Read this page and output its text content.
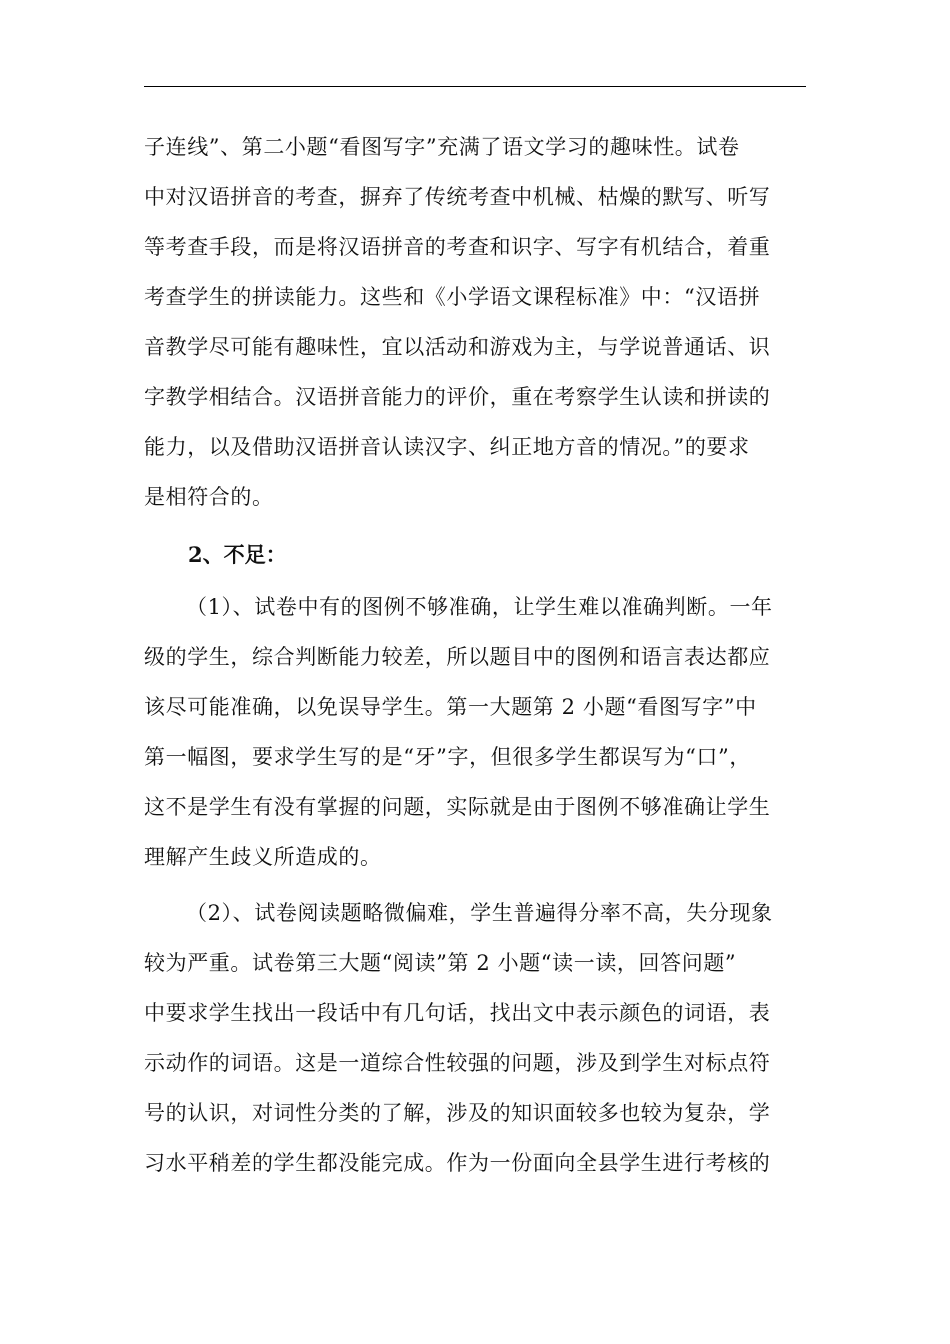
子连线”、第二小题“看图写字”充满了语文学习的趣味性。试卷

中对汉语拼音的考查，摒弃了传统考查中机械、枯燥的默写、听写

等考查手段，而是将汉语拼音的考查和识字、写字有机结合，着重

考查学生的拼读能力。这些和《小学语文课程标准》中：“汉语拼

音教学尽可能有趣味性，宜以活动和游戏为主，与学说普通话、识

字教学相结合。汉语拼音能力的评价，重在考察学生认读和拼读的

能力，以及借助汉语拼音认读汉字、纠正地方音的情况。”的要求

是相符合的。

2、不足：

（1）、试卷中有的图例不够准确，让学生难以准确判断。一年

级的学生，综合判断能力较差，所以题目中的图例和语言表达都应

该尽可能准确，以免误导学生。第一大题第 2 小题“看图写字”中

第一幅图，要求学生写的是“牙”字，但很多学生都误写为“口”，

这不是学生有没有掌握的问题，实际就是由于图例不够准确让学生

理解产生歧义所造成的。

（2）、试卷阅读题略微偏难，学生普遍得分率不高，失分现象

较为严重。试卷第三大题“阅读”第 2 小题“读一读，回答问题”

中要求学生找出一段话中有几句话，找出文中表示颜色的词语，表

示动作的词语。这是一道综合性较强的问题，涉及到学生对标点符

号的认识，对词性分类的了解，涉及的知识面较多也较为复杂，学

习水平稍差的学生都没能完成。作为一份面向全县学生进行考核的
